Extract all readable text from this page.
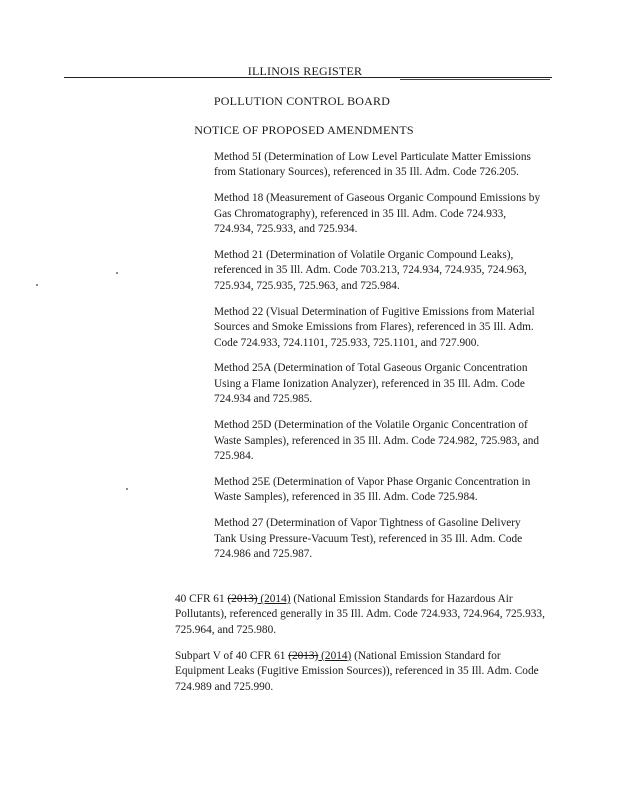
ILLINOIS REGISTER
POLLUTION CONTROL BOARD
NOTICE OF PROPOSED AMENDMENTS

Method 5I (Determination of Low Level Particulate Matter Emissions from Stationary Sources), referenced in 35 Ill. Adm. Code 726.205.

Method 18 (Measurement of Gaseous Organic Compound Emissions by Gas Chromatography), referenced in 35 Ill. Adm. Code 724.933, 724.934, 725.933, and 725.934.

Method 21 (Determination of Volatile Organic Compound Leaks), referenced in 35 Ill. Adm. Code 703.213, 724.934, 724.935, 724.963, 725.934, 725.935, 725.963, and 725.984.

Method 22 (Visual Determination of Fugitive Emissions from Material Sources and Smoke Emissions from Flares), referenced in 35 Ill. Adm. Code 724.933, 724.1101, 725.933, 725.1101, and 727.900.

Method 25A (Determination of Total Gaseous Organic Concentration Using a Flame Ionization Analyzer), referenced in 35 Ill. Adm. Code 724.934 and 725.985.

Method 25D (Determination of the Volatile Organic Concentration of Waste Samples), referenced in 35 Ill. Adm. Code 724.982, 725.983, and 725.984.

Method 25E (Determination of Vapor Phase Organic Concentration in Waste Samples), referenced in 35 Ill. Adm. Code 725.984.

Method 27 (Determination of Vapor Tightness of Gasoline Delivery Tank Using Pressure-Vacuum Test), referenced in 35 Ill. Adm. Code 724.986 and 725.987.

40 CFR 61 (2013) (2014) (National Emission Standards for Hazardous Air Pollutants), referenced generally in 35 Ill. Adm. Code 724.933, 724.964, 725.933, 725.964, and 725.980.

Subpart V of 40 CFR 61 (2013) (2014) (National Emission Standard for Equipment Leaks (Fugitive Emission Sources)), referenced in 35 Ill. Adm. Code 724.989 and 725.990.
